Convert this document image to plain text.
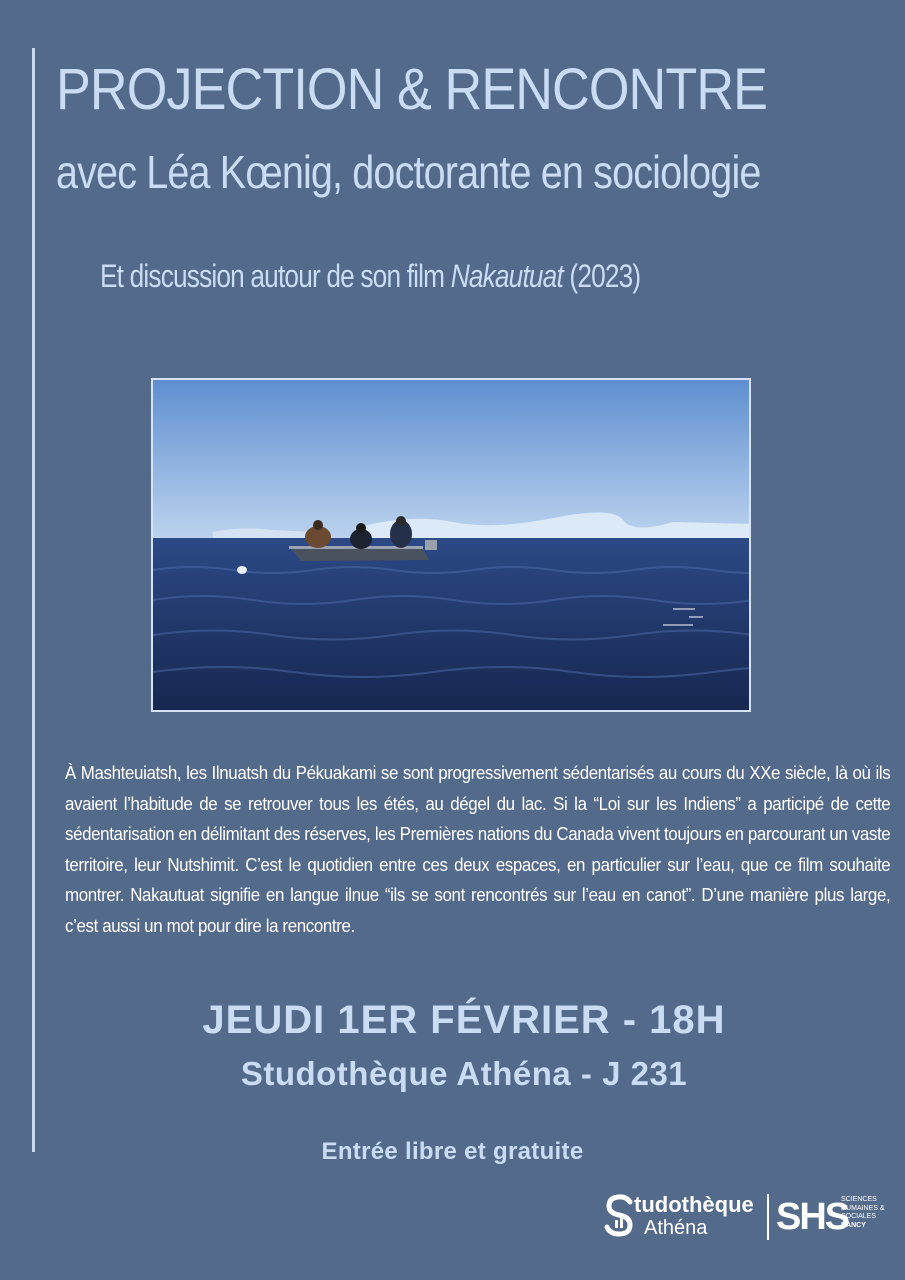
PROJECTION & RENCONTRE
avec Léa Kœnig, doctorante en sociologie
Et discussion autour de son film Nakautuat (2023)
À Mashteuiatsh, les Ilnuatsh du Pékuakami se sont progressivement sédentarisés au cours du XXe siècle, là où ils avaient l’habitude de se retrouver tous les étés, au dégel du lac. Si la “Loi sur les Indiens” a participé de cette sédentarisation en délimitant des réserves, les Premières nations du Canada vivent toujours en parcourant un vaste territoire, leur Nutshimit. C’est le quotidien entre ces deux espaces, en particulier sur l’eau, que ce film souhaite montrer. Nakautuat signifie en langue ilnue “ils se sont rencontrés sur l’eau en canot”. D’une manière plus large, c’est aussi un mot pour dire la rencontre.
JEUDI 1ER FÉVRIER - 18H
Studothèque Athéna - J 231
Entrée libre et gratuite
tudothèque
Athéna SHS
SCIENCES
HUMAINES &
SOCIALES
NANCY
